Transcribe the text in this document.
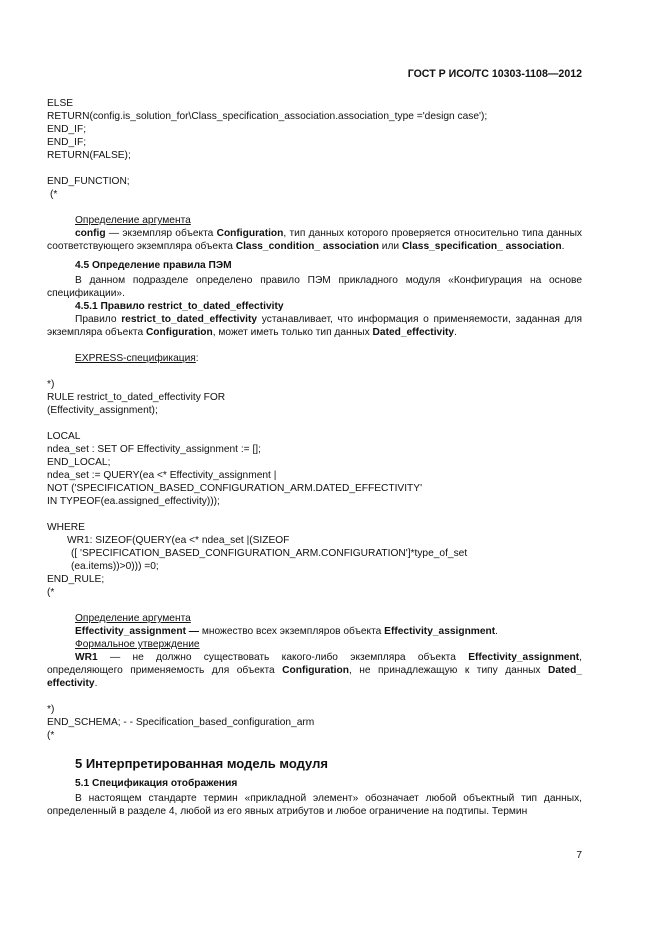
ГОСТ Р ИСО/ТС 10303-1108—2012
ELSE
RETURN(config.is_solution_for\Class_specification_association.association_type ='design case');
END_IF;
END_IF;
RETURN(FALSE);
END_FUNCTION;
(*
Определение аргумента
config — экземпляр объекта Configuration, тип данных которого проверяется относительно типа данных соответствующего экземпляра объекта Class_condition_ association или Class_specification_ association.
4.5 Определение правила ПЭМ
В данном подразделе определено правило ПЭМ прикладного модуля «Конфигурация на основе спецификации».
4.5.1 Правило restrict_to_dated_effectivity
Правило restrict_to_dated_effectivity устанавливает, что информация о применяемости, заданная для экземпляра объекта Configuration, может иметь только тип данных Dated_effectivity.
EXPRESS-спецификация:
*)
RULE restrict_to_dated_effectivity FOR
(Effectivity_assignment);
LOCAL
ndea_set : SET OF Effectivity_assignment := [];
END_LOCAL;
ndea_set := QUERY(ea <* Effectivity_assignment |
NOT ('SPECIFICATION_BASED_CONFIGURATION_ARM.DATED_EFFECTIVITY'
IN TYPEOF(ea.assigned_effectivity)));
WHERE
WR1: SIZEOF(QUERY(ea <* ndea_set |(SIZEOF
([ 'SPECIFICATION_BASED_CONFIGURATION_ARM.CONFIGURATION']*type_of_set
(ea.items))>0))) =0;
END_RULE;
(*
Определение аргумента
Effectivity_assignment — множество всех экземпляров объекта Effectivity_assignment.
Формальное утверждение
WR1 — не должно существовать какого-либо экземпляра объекта Effectivity_assignment, определяющего применяемость для объекта Configuration, не принадлежащую к типу данных Dated_ effectivity.
*)
END_SCHEMA; - - Specification_based_configuration_arm
(*
5 Интерпретированная модель модуля
5.1 Спецификация отображения
В настоящем стандарте термин «прикладной элемент» обозначает любой объектный тип данных, определенный в разделе 4, любой из его явных атрибутов и любое ограничение на подтипы. Термин
7
